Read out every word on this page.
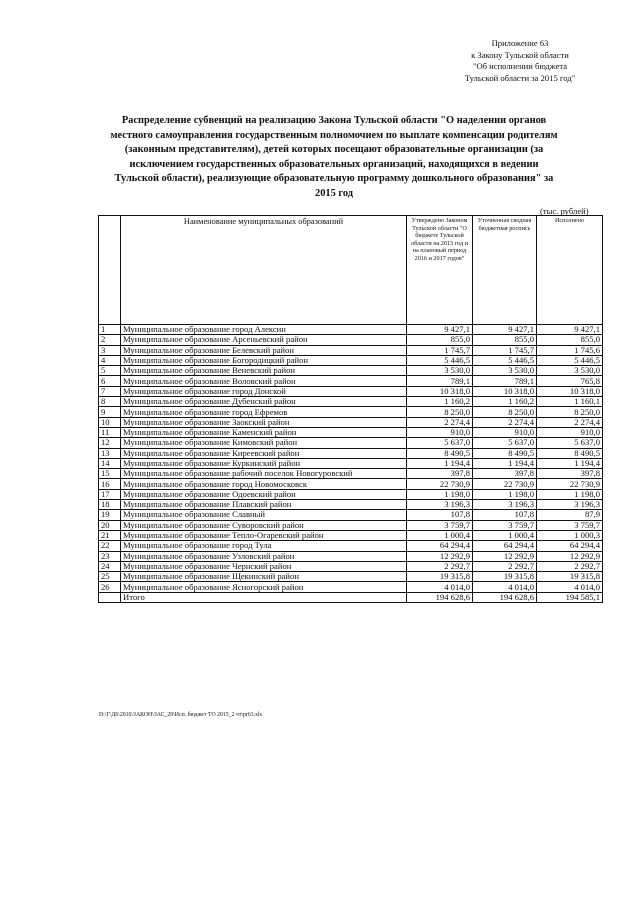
Приложение 63
к Закону Тульской области
"Об исполнении бюджета
Тульской области за 2015 год"
Распределение субвенций на реализацию Закона Тульской области "О наделении органов местного самоуправления государственным полномочием по выплате компенсации родителям (законным представителям), детей которых посещают образовательные организации (за исключением государственных образовательных организаций, находящихся в ведении Тульской области), реализующие образовательную программу дошкольного образования" за 2015 год
(тыс. рублей)
	Наименование муниципальных образований	Утверждено Законом Тульской области "О бюджете Тульской области на 2015 год и на плановый период 2016 и 2017 годов"	Уточненная сводная бюджетная роспись	Исполнено
1	Муниципальное образование город Алексин	9 427,1	9 427,1	9 427,1
2	Муниципальное образование Арсеньевский район	855,0	855,0	855,0
3	Муниципальное образование Белевский район	1 745,7	1 745,7	1 745,6
4	Муниципальное образование Богородицкий район	5 446,5	5 446,5	5 446,5
5	Муниципальное образование Веневский район	3 530,0	3 530,0	3 530,0
6	Муниципальное образование Воловский район	789,1	789,1	765,8
7	Муниципальное образование город Донской	10 318,0	10 318,0	10 318,0
8	Муниципальное образование Дубенский район	1 160,2	1 160,2	1 160,1
9	Муниципальное образование город Ефремов	8 250,0	8 250,0	8 250,0
10	Муниципальное образование Заокский район	2 274,4	2 274,4	2 274,4
11	Муниципальное образование Каменский район	910,0	910,0	910,0
12	Муниципальное образование Кимовский район	5 637,0	5 637,0	5 637,0
13	Муниципальное образование Киреевский район	8 490,5	8 490,5	8 490,5
14	Муниципальное образование Куркинский район	1 194,4	1 194,4	1 194,4
15	Муниципальное образование рабочий поселок Новогуровский	397,8	397,8	397,8
16	Муниципальное образование город Новомосковск	22 730,9	22 730,9	22 730,9
17	Муниципальное образование Одоевский район	1 198,0	1 198,0	1 198,0
18	Муниципальное образование Плавский район	3 196,3	3 196,3	3 196,3
19	Муниципальное образование Славный	107,8	107,8	87,9
20	Муниципальное образование Суворовский район	3 759,7	3 759,7	3 759,7
21	Муниципальное образование Тепло-Огаревский район	1 000,4	1 000,4	1 000,3
22	Муниципальное образование город Тула	64 294,4	64 294,4	64 294,4
23	Муниципальное образование Узловский район	12 292,9	12 292,9	12 292,9
24	Муниципальное образование Чернский район	2 292,7	2 292,7	2 292,7
25	Муниципальное образование Щекинский район	19 315,8	19 315,8	19 315,8
26	Муниципальное образование Ясногорский район	4 014,0	4 014,0	4 014,0
	Итого	194 628,6	194 628,6	194 585,1
D:\Г\Д6\2016\ЗАКОН\ЗАС_29\Исп. бюджет ТО 2015_2 чт\pr63.xls
